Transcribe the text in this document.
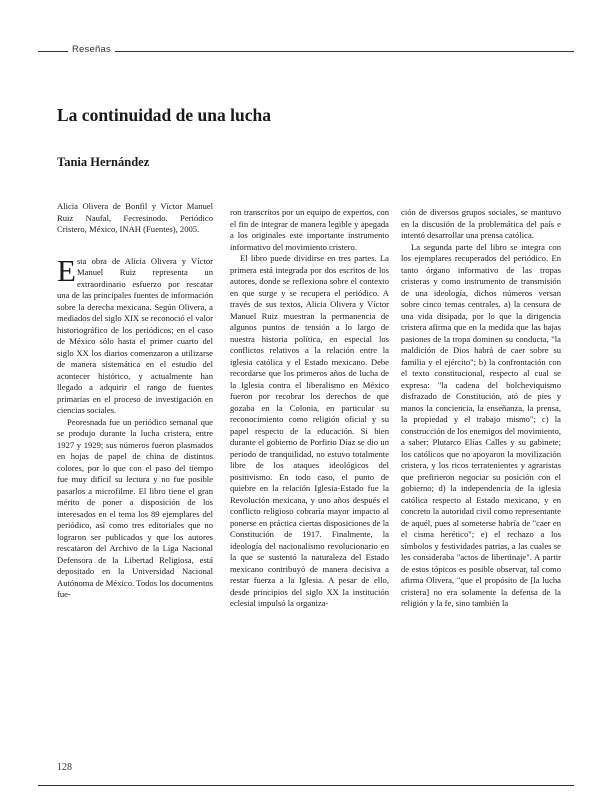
Reseñas
La continuidad de una lucha
Tania Hernández

Alicia Olivera de Bonfil y Víctor Manuel Ruiz Naufal, Fecresinodo. Periódico Cristero, México, INAH (Fuentes), 2005.

Esta obra de Alicia Olivera y Víctor Manuel Ruiz representa un extraordinario esfuerzo por rescatar una de las principales fuentes de información sobre la derecha mexicana. Según Olivera, a mediados del siglo XIX se reconoció el valor historiográfico de los periódicos; en el caso de México sólo hasta el primer cuarto del siglo XX los diarios comenzaron a utilizarse de manera sistemática en el estudio del acontecer histórico, y actualmente han llegado a adquirir el rango de fuentes primarias en el proceso de investigación en ciencias sociales.

Peoresnada fue un periódico semanal que se produjo durante la lucha cristera, entre 1927 y 1929; sus números fueron plasmados en hojas de papel de china de distintos colores, por lo que con el paso del tiempo fue muy difícil su lectura y no fue posible pasarlos a microfilme. El libro tiene el gran mérito de poner a disposición de los interesados en el tema los 89 ejemplares del periódico, así como tres editoriales que no lograron ser publicados y que los autores rescataron del Archivo de la Liga Nacional Defensora de la Libertad Religiosa, está depositado en la Universidad Nacional Autónoma de México. Todos los documentos fue-

ron transcritos por un equipo de expertos, con el fin de integrar de manera legible y apegada a los originales este importante instrumento informativo del movimiento cristero.

El libro puede dividirse en tres partes. La primera está integrada por dos escritos de los autores, donde se reflexiona sobre el contexto en que surge y se recupera el periódico. A través de sus textos, Alicia Olivera y Víctor Manuel Ruiz muestran la permanencia de algunos puntos de tensión a lo largo de nuestra historia política, en especial los conflictos relativos a la relación entre la iglesia católica y el Estado mexicano. Debe recordarse que los primeros años de lucha de la Iglesia contra el liberalismo en México fueron por recobrar los derechos de que gozaba en la Colonia, en particular su reconocimiento como religión oficial y su papel respecto de la educación. Si bien durante el gobierno de Porfirio Díaz se dio un periodo de tranquilidad, no estuvo totalmente libre de los ataques ideológicos del positivismo. En todo caso, el punto de quiebre en la relación Iglesia-Estado fue la Revolución mexicana, y uno años después el conflicto religioso cobraría mayor impacto al ponerse en práctica ciertas disposiciones de la Constitución de 1917. Finalmente, la ideología del nacionalismo revolucionario en la que se sustentó la naturaleza del Estado mexicano contribuyó de manera decisiva a restar fuerza a la Iglesia. A pesar de ello, desde principios del siglo XX la institución eclesial impulsó la organiza-

ción de diversos grupos sociales, se mantuvo en la discusión de la problemática del país e intentó desarrollar una prensa católica.

La segunda parte del libro se integra con los ejemplares recuperados del periódico. En tanto órgano informativo de las tropas cristeras y como instrumento de transmisión de una ideología, dichos números versan sobre cinco temas centrales. a) la censura de una vida disipada, por lo que la dirigencia cristera afirma que en la medida que las bajas pasiones de la tropa dominen su conducta, "la maldición de Dios habrá de caer sobre su familia y el ejército"; b) la confrontación con el texto constitucional, respecto al cual se expresa: "la cadena del bolcheviquismo disfrazado de Constitución, ató de pies y manos la conciencia, la enseñanza, la prensa, la propiedad y el trabajo mismo"; c) la construcción de los enemigos del movimiento, a saber: Plutarco Elías Calles y su gabinete; los católicos que no apoyaron la movilización cristera, y los ricos terratenientes y agraristas que prefirieron negociar su posición con el gobierno; d) la independencia de la iglesia católica respecto al Estado mexicano, y en concreto la autoridad civil como representante de aquél, pues al someterse habría de "caer en el cisma herético"; e) el rechazo a los símbolos y festividades patrias, a las cuales se les consideraba "actos de libertinaje". A partir de estos tópicos es posible observar, tal como afirma Olivera, "que el propósito de [la lucha cristera] no era solamente la defensa de la religión y la fe, sino también la

128
